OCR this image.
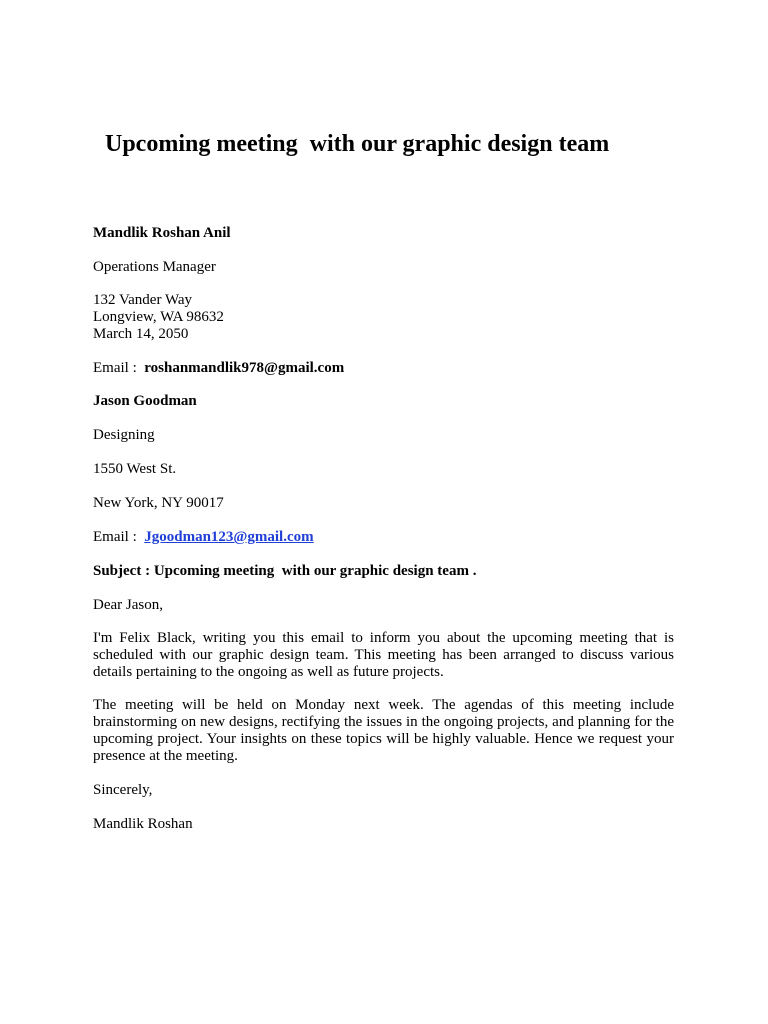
Upcoming meeting  with our graphic design team

Mandlik Roshan Anil

Operations Manager

132 Vander Way
Longview, WA 98632
March 14, 2050

Email :  roshanmandlik978@gmail.com

Jason Goodman

Designing

1550 West St.

New York, NY 90017

Email :  Jgoodman123@gmail.com

Subject : Upcoming meeting  with our graphic design team .

Dear Jason,

I'm Felix Black, writing you this email to inform you about the upcoming meeting that is scheduled with our graphic design team. This meeting has been arranged to discuss various details pertaining to the ongoing as well as future projects.

The meeting will be held on Monday next week. The agendas of this meeting include brainstorming on new designs, rectifying the issues in the ongoing projects, and planning for the upcoming project. Your insights on these topics will be highly valuable. Hence we request your presence at the meeting.

Sincerely,

Mandlik Roshan
